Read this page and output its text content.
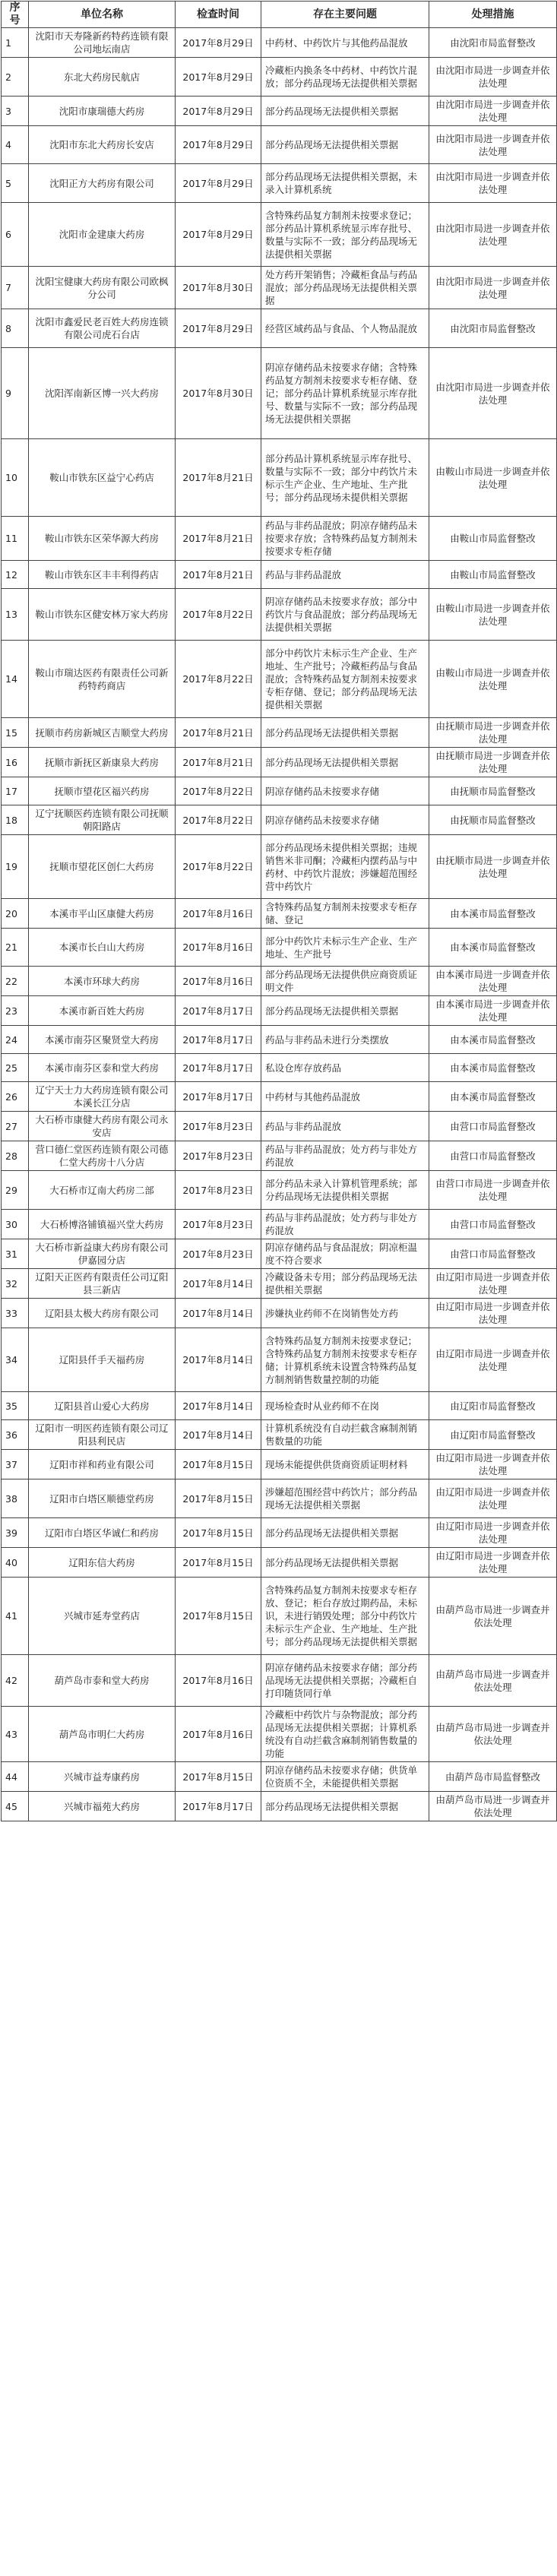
序号	单位名称	检查时间	存在主要问题	处理措施
1	沈阳市天寿隆新药特药连锁有限公司地坛南店	2017年8月29日	中药材、中药饮片与其他药品混放	由沈阳市局监督整改
2	东北大药房民航店	2017年8月29日	冷藏柜内换条冬中药材、中药饮片混放；部分药品现场无法提供相关票据	由沈阳市局进一步调查并依法处理
3	沈阳市康瑞德大药房	2017年8月29日	部分药品现场无法提供相关票据	由沈阳市局进一步调查并依法处理
4	沈阳市东北大药房长安店	2017年8月29日	部分药品现场无法提供相关票据	由沈阳市局进一步调查并依法处理
5	沈阳正方大药房有限公司	2017年8月29日	部分药品现场无法提供相关票据，未录入计算机系统	由沈阳市局进一步调查并依法处理
6	沈阳市金建康大药房	2017年8月29日	含特殊药品复方制剂未按要求登记；部分药品计算机系统显示库存批号、数量与实际不一致；部分药品现场无法提供相关票据	由沈阳市局进一步调查并依法处理
7	沈阳宝健康大药房有限公司欧枫分公司	2017年8月30日	处方药开架销售；冷藏柜食品与药品混放；部分药品现场无法提供相关票据	由沈阳市局进一步调查并依法处理
8	沈阳市鑫爱民老百姓大药房连锁有限公司虎石台店	2017年8月29日	经营区域药品与食品、个人物品混放	由沈阳市局监督整改
9	沈阳浑南新区博一兴大药房	2017年8月30日	阴凉存储药品未按要求存储；含特殊药品复方制剂未按要求专柜存储、登记；部分药品计算机系统显示库存批号、数量与实际不一致；部分药品现场无法提供相关票据	由沈阳市局进一步调查并依法处理
10	鞍山市铁东区益宁心药店	2017年8月21日	部分药品计算机系统显示库存批号、数量与实际不一致；部分中药饮片未标示生产企业、生产地址、生产批号；部分药品现场未提供相关票据	由鞍山市局进一步调查并依法处理
11	鞍山市铁东区荣华源大药房	2017年8月21日	药品与非药品混放；阴凉存储药品未按要求存放；含特殊药品复方制剂未按要求专柜存储	由鞍山市局监督整改
12	鞍山市铁东区丰丰利得药店	2017年8月21日	药品与非药品混放	由鞍山市局监督整改
13	鞍山市铁东区健安林万家大药房	2017年8月22日	阴凉存储药品未按要求存放；部分中药饮片与食品混放；部分药品现场无法提供相关票据	由鞍山市局进一步调查并依法处理
14	鞍山市瑞达医药有限责任公司新药特药商店	2017年8月22日	部分中药饮片未标示生产企业、生产地址、生产批号；冷藏柜药品与食品混放；含特殊药品复方制剂未按要求专柜存储、登记；部分药品现场无法提供相关票据	由鞍山市局进一步调查并依法处理
15	抚顺市药房新城区吉顺堂大药房	2017年8月21日	部分药品现场无法提供相关票据	由抚顺市局进一步调查并依法处理
16	抚顺市新抚区新康泉大药房	2017年8月21日	部分药品现场无法提供相关票据	由抚顺市局进一步调查并依法处理
17	抚顺市望花区福兴药房	2017年8月22日	阴凉存储药品未按要求存储	由抚顺市局监督整改
18	辽宁抚顺医药连锁有限公司抚顺朝阳路店	2017年8月22日	阴凉存储药品未按要求存储	由抚顺市局监督整改
19	抚顺市望花区创仁大药房	2017年8月22日	部分药品现场未提供相关票据；违规销售米非司酮；冷藏柜内摆药品与中药材、中药饮片混放；涉嫌超范围经营中药饮片	由抚顺市局进一步调查并依法处理
20	本溪市平山区康健大药房	2017年8月16日	含特殊药品复方制剂未按要求专柜存储、登记	由本溪市局监督整改
21	本溪市长白山大药房	2017年8月16日	部分中药饮片未标示生产企业、生产地址、生产批号	由本溪市局监督整改
22	本溪市环球大药房	2017年8月16日	部分药品现场无法提供供应商资质证明文件	由本溪市局进一步调查并依法处理
23	本溪市新百姓大药房	2017年8月17日	部分药品现场无法提供相关票据	由本溪市局进一步调查并依法处理
24	本溪市南芬区聚贤堂大药房	2017年8月17日	药品与非药品未进行分类摆放	由本溪市局监督整改
25	本溪市南芬区泰和堂大药房	2017年8月17日	私设仓库存放药品	由本溪市局监督整改
26	辽宁天士力大药房连锁有限公司本溪长江分店	2017年8月17日	中药材与其他药品混放	由本溪市局监督整改
27	大石桥市康健大药房有限公司永安店	2017年8月23日	药品与非药品混放	由营口市局监督整改
28	营口德仁堂医药连锁有限公司德仁堂大药房十八分店	2017年8月23日	药品与非药品混放；处方药与非处方药混放	由营口市局监督整改
29	大石桥市辽南大药房二部	2017年8月23日	部分药品未录入计算机管理系统；部分药品现场无法提供相关票据	由营口市局进一步调查并依法处理
30	大石桥博洛铺镇福兴堂大药房	2017年8月23日	药品与非药品混放；处方药与非处方药混放	由营口市局监督整改
31	大石桥市新益康大药房有限公司伊嘉园分店	2017年8月23日	阴凉存储药品与食品混放；阴凉柜温度不符合要求	由营口市局监督整改
32	辽阳天正医药有限责任公司辽阳县三新店	2017年8月14日	冷藏设备未专用；部分药品现场无法提供相关票据	由辽阳市局进一步调查并依法处理
33	辽阳县太极大药房有限公司	2017年8月14日	涉嫌执业药师不在岗销售处方药	由辽阳市局进一步调查并依法处理
34	辽阳县仟手天福药房	2017年8月14日	含特殊药品复方制剂未按要求登记；含特殊药品复方制剂未按要求专柜存储；计算机系统未设置含特殊药品复方制剂销售数量控制的功能	由辽阳市局进一步调查并依法处理
35	辽阳县首山爱心大药房	2017年8月14日	现场检查时从业药师不在岗	由辽阳市局监督整改
36	辽阳市一明医药连锁有限公司辽阳县利民店	2017年8月14日	计算机系统没有自动拦截含麻制剂销售数量的功能	由辽阳市局监督整改
37	辽阳市祥和药业有限公司	2017年8月15日	现场未能提供供货商资质证明材料	由辽阳市局进一步调查并依法处理
38	辽阳市白塔区顺德堂药房	2017年8月15日	涉嫌超范围经营中药饮片；部分药品现场无法提供相关票据	由辽阳市局进一步调查并依法处理
39	辽阳市白塔区华诚仁和药房	2017年8月15日	部分药品现场无法提供相关票据	由辽阳市局进一步调查并依法处理
40	辽阳东信大药房	2017年8月15日	部分药品现场无法提供相关票据	由辽阳市局进一步调查并依法处理
41	兴城市延寿堂药店	2017年8月15日	含特殊药品复方制剂未按要求专柜存放、登记；柜台存放过期药品，未标识，未进行销毁处理；部分中药饮片未标示生产企业、生产地址、生产批号；部分药品现场无法提供相关票据	由葫芦岛市局进一步调查并依法处理
42	葫芦岛市泰和堂大药房	2017年8月16日	阴凉存储药品未按要求存储；部分药品现场无法提供相关票据；冷藏柜自打印随货同行单	由葫芦岛市局进一步调查并依法处理
43	葫芦岛市明仁大药房	2017年8月16日	冷藏柜中药饮片与杂物混放；部分药品现场无法提供相关票据；计算机系统没有自动拦截含麻制剂销售数量的功能	由葫芦岛市局进一步调查并依法处理
44	兴城市益寿康药房	2017年8月15日	阴凉存储药品未按要求存储；供货单位资质不全，未能提供相关票据	由葫芦岛市局监督整改
45	兴城市福苑大药房	2017年8月17日	部分药品现场无法提供相关票据	由葫芦岛市局进一步调查并依法处理
